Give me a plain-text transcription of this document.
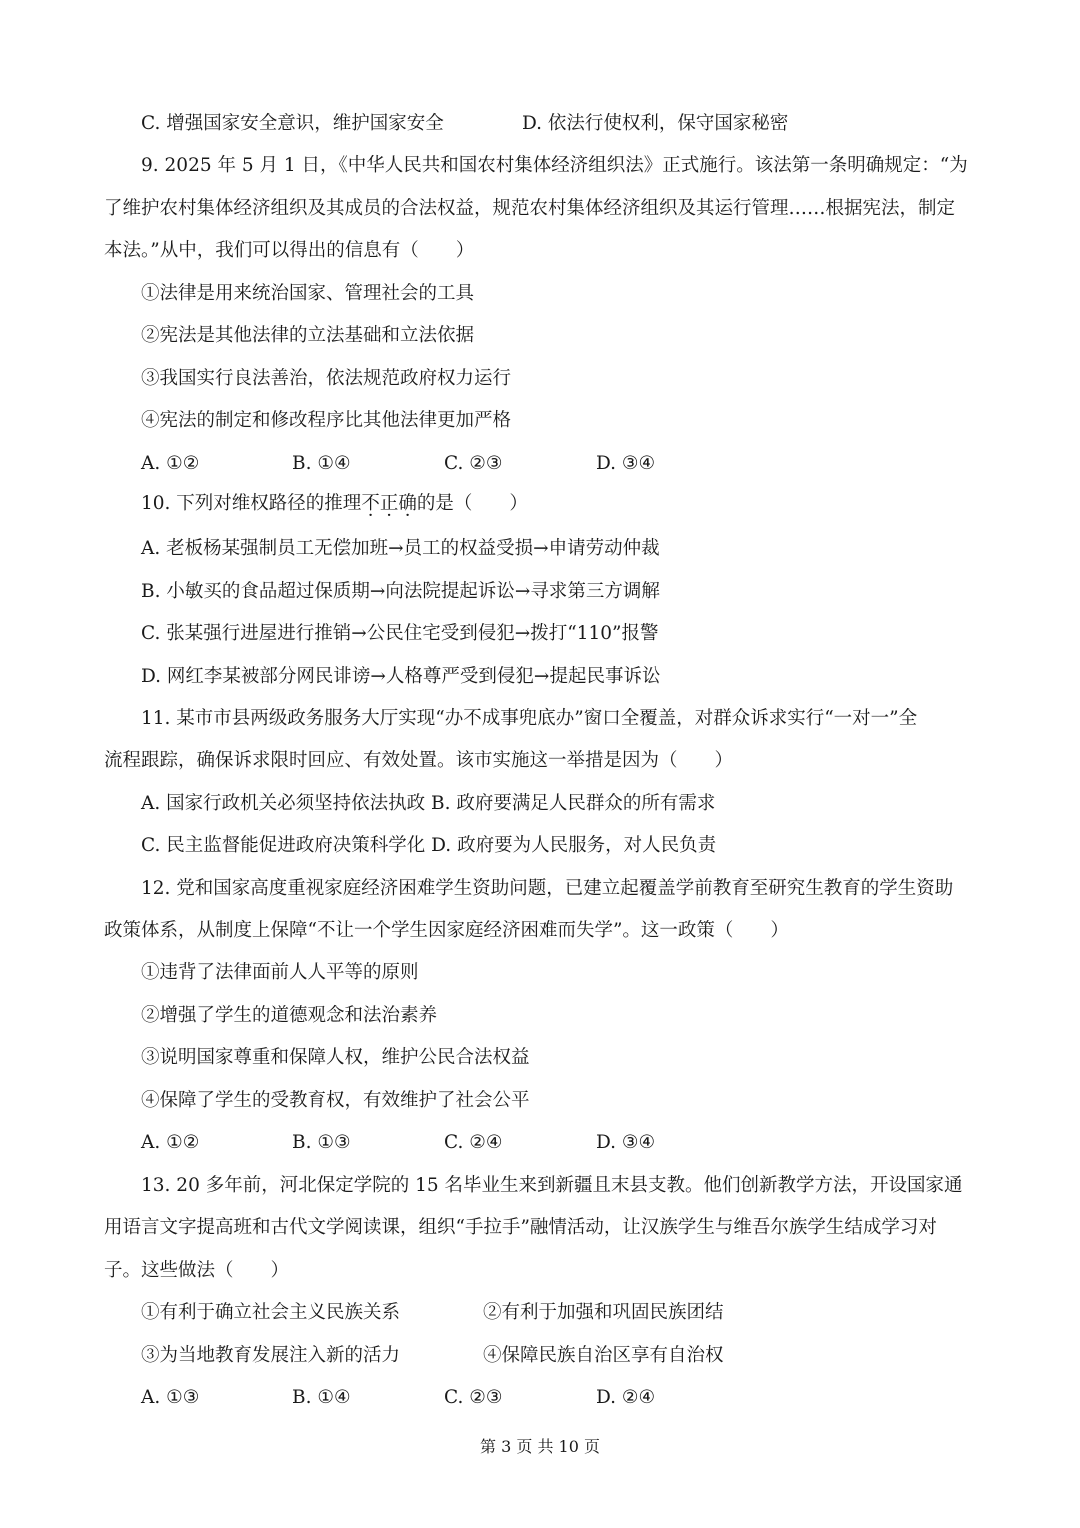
C. 增强国家安全意识，维护国家安全	D. 依法行使权利，保守国家秘密
9. 2025 年 5 月 1 日，《中华人民共和国农村集体经济组织法》正式施行。该法第一条明确规定：“为
了维护农村集体经济组织及其成员的合法权益，规范农村集体经济组织及其运行管理……根据宪法，制定
本法。”从中，我们可以得出的信息有（　　）
①法律是用来统治国家、管理社会的工具
②宪法是其他法律的立法基础和立法依据
③我国实行良法善治，依法规范政府权力运行
④宪法的制定和修改程序比其他法律更加严格
A. ①②	B. ①④	C. ②③	D. ③④
10. 下列对维权路径的推理不正确的是（　　）
A. 老板杨某强制员工无偿加班→员工的权益受损→申请劳动仲裁
B. 小敏买的食品超过保质期→向法院提起诉讼→寻求第三方调解
C. 张某强行进屋进行推销→公民住宅受到侵犯→拨打“110”报警
D. 网红李某被部分网民诽谤→人格尊严受到侵犯→提起民事诉讼
11. 某市市县两级政务服务大厅实现“办不成事兜底办”窗口全覆盖，对群众诉求实行“一对一”全
流程跟踪，确保诉求限时回应、有效处置。该市实施这一举措是因为（　　）
A. 国家行政机关必须坚持依法执政 B. 政府要满足人民群众的所有需求
C. 民主监督能促进政府决策科学化 D. 政府要为人民服务，对人民负责
12. 党和国家高度重视家庭经济困难学生资助问题，已建立起覆盖学前教育至研究生教育的学生资助
政策体系，从制度上保障“不让一个学生因家庭经济困难而失学”。这一政策（　　）
①违背了法律面前人人平等的原则
②增强了学生的道德观念和法治素养
③说明国家尊重和保障人权，维护公民合法权益
④保障了学生的受教育权，有效维护了社会公平
A. ①②	B. ①③	C. ②④	D. ③④
13. 20 多年前，河北保定学院的 15 名毕业生来到新疆且末县支教。他们创新教学方法，开设国家通
用语言文字提高班和古代文学阅读课，组织“手拉手”融情活动，让汉族学生与维吾尔族学生结成学习对
子。这些做法（　　）
①有利于确立社会主义民族关系	②有利于加强和巩固民族团结
③为当地教育发展注入新的活力	④保障民族自治区享有自治权
A. ①③	B. ①④	C. ②③	D. ②④
第 3 页 共 10 页
